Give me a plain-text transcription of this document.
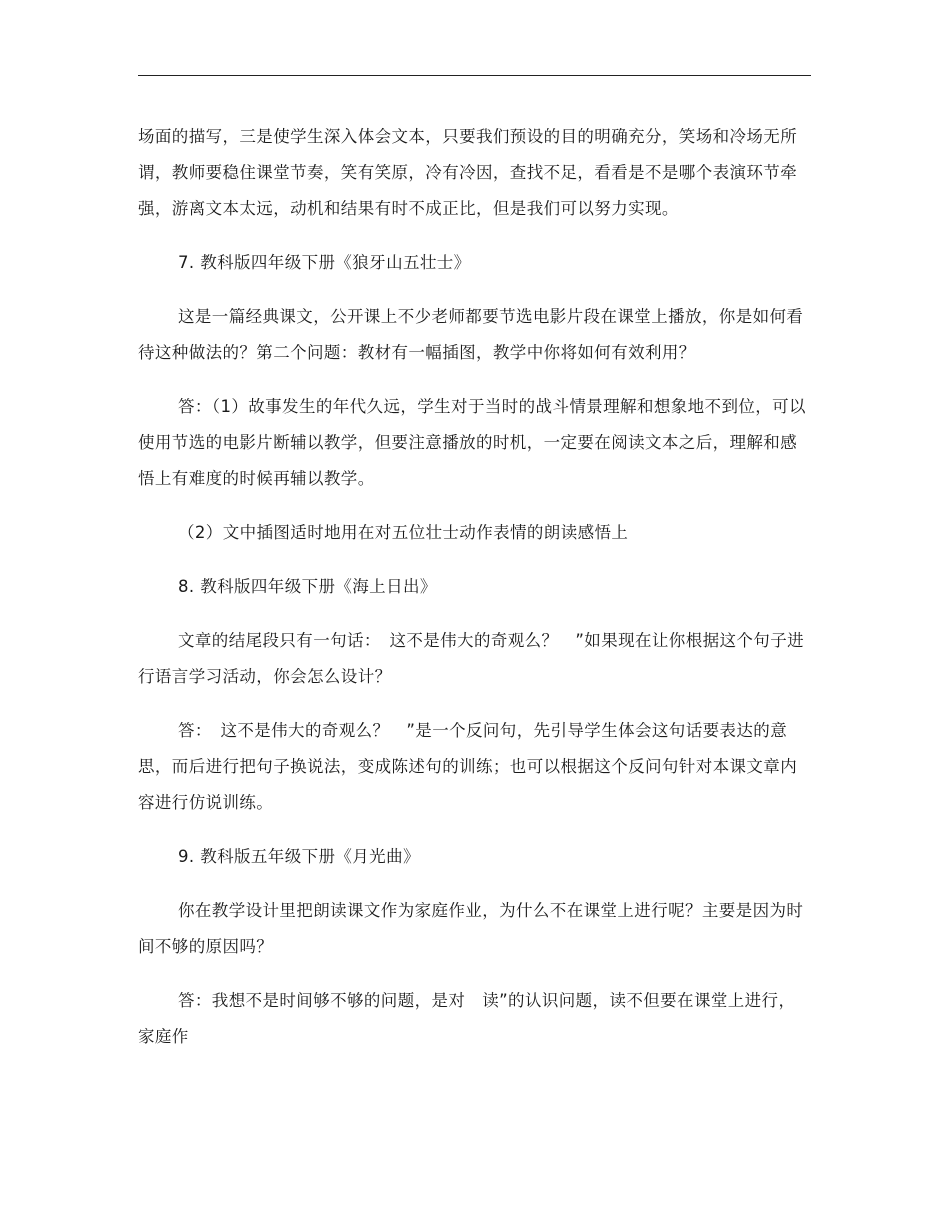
场面的描写，三是使学生深入体会文本，只要我们预设的目的明确充分，笑场和冷场无所谓，教师要稳住课堂节奏，笑有笑原，冷有冷因，查找不足，看看是不是哪个表演环节牵强，游离文本太远，动机和结果有时不成正比，但是我们可以努力实现。

7. 教科版四年级下册《狼牙山五壮士》

这是一篇经典课文，公开课上不少老师都要节选电影片段在课堂上播放，你是如何看待这种做法的？第二个问题：教材有一幅插图，教学中你将如何有效利用？

答：（1）故事发生的年代久远，学生对于当时的战斗情景理解和想象地不到位，可以使用节选的电影片断辅以教学，但要注意播放的时机，一定要在阅读文本之后，理解和感悟上有难度的时候再辅以教学。

（2）文中插图适时地用在对五位壮士动作表情的朗读感悟上

8. 教科版四年级下册《海上日出》

文章的结尾段只有一句话：　这不是伟大的奇观么？　”如果现在让你根据这个句子进行语言学习活动，你会怎么设计？

答：　这不是伟大的奇观么？　”是一个反问句，先引导学生体会这句话要表达的意思，而后进行把句子换说法，变成陈述句的训练；也可以根据这个反问句针对本课文章内容进行仿说训练。

9. 教科版五年级下册《月光曲》

你在教学设计里把朗读课文作为家庭作业，为什么不在课堂上进行呢？主要是因为时间不够的原因吗？

答：我想不是时间够不够的问题，是对　读”的认识问题，读不但要在课堂上进行，家庭作
